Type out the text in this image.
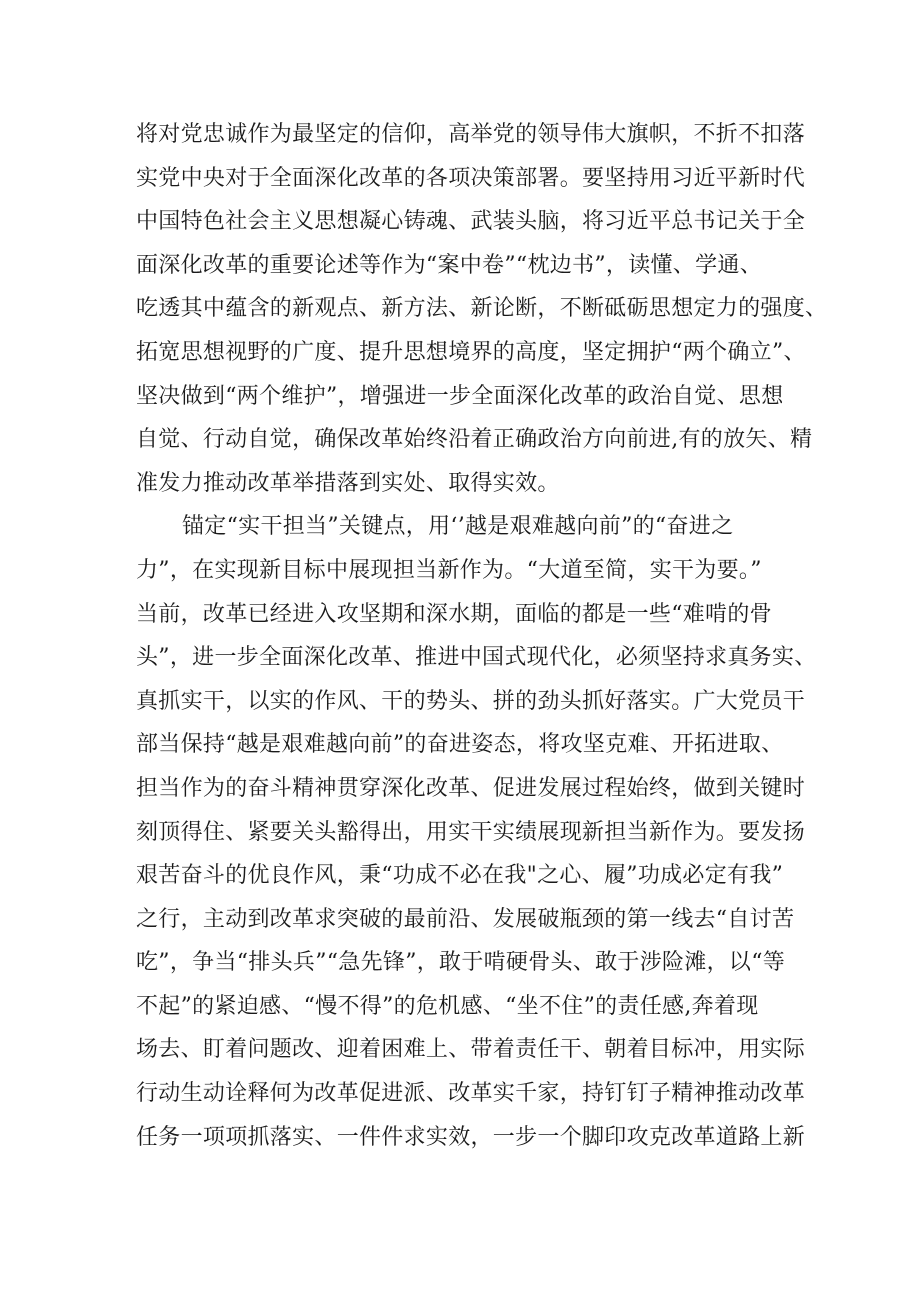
将对党忠诚作为最坚定的信仰，高举党的领导伟大旗帜，不折不扣落
实党中央对于全面深化改革的各项决策部署。要坚持用习近平新时代
中国特色社会主义思想凝心铸魂、武装头脑，将习近平总书记关于全
面深化改革的重要论述等作为“案中卷”“枕边书”，读懂、学通、
吃透其中蕴含的新观点、新方法、新论断，不断砥砺思想定力的强度、
拓宽思想视野的广度、提升思想境界的高度，坚定拥护“两个确立”、
坚决做到“两个维护”，增强进一步全面深化改革的政治自觉、思想
自觉、行动自觉，确保改革始终沿着正确政治方向前进,有的放矢、精
准发力推动改革举措落到实处、取得实效。
锚定“实干担当”关键点，用‘’越是艰难越向前”的“奋进之
力”，在实现新目标中展现担当新作为。“大道至简，实干为要。”
当前，改革已经进入攻坚期和深水期，面临的都是一些“难啃的骨
头”，进一步全面深化改革、推进中国式现代化，必须坚持求真务实、
真抓实干，以实的作风、干的势头、拼的劲头抓好落实。广大党员干
部当保持“越是艰难越向前”的奋进姿态，将攻坚克难、开拓进取、
担当作为的奋斗精神贯穿深化改革、促进发展过程始终，做到关键时
刻顶得住、紧要关头豁得出，用实干实绩展现新担当新作为。要发扬
艰苦奋斗的优良作风，秉“功成不必在我"之心、履”功成必定有我”
之行，主动到改革求突破的最前沿、发展破瓶颈的第一线去“自讨苦
吃”，争当“排头兵”“急先锋”，敢于啃硬骨头、敢于涉险滩，以“等
不起”的紧迫感、“慢不得”的危机感、“坐不住”的责任感,奔着现
场去、盯着问题改、迎着困难上、带着责任干、朝着目标冲，用实际
行动生动诠释何为改革促进派、改革实千家，持钉钉子精神推动改革
任务一项项抓落实、一件件求实效，一步一个脚印攻克改革道路上新
